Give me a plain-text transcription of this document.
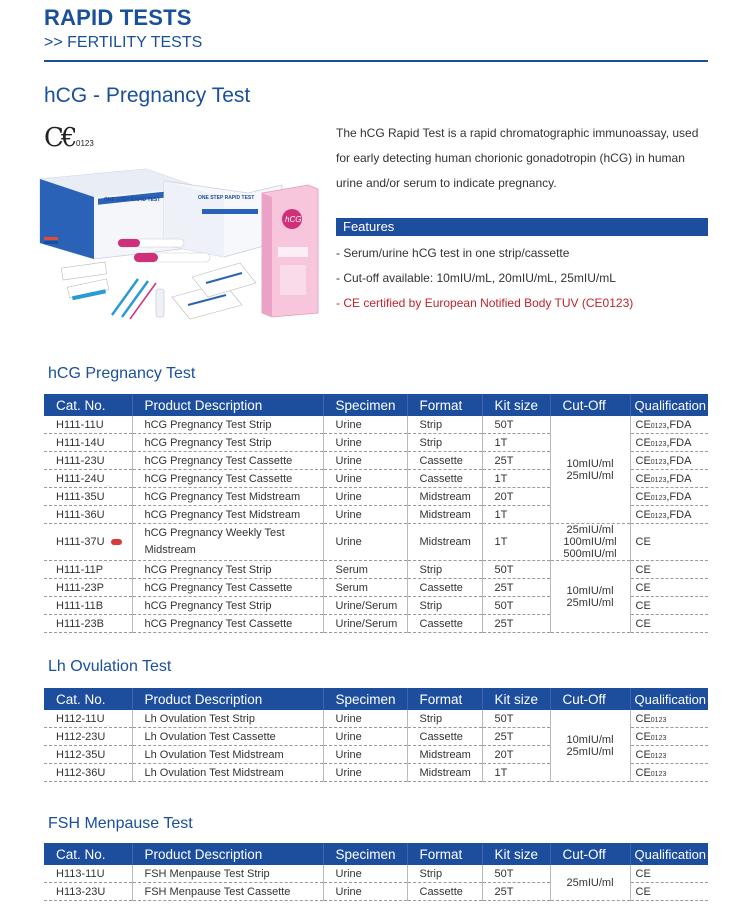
RAPID TESTS
>> FERTILITY TESTS
hCG - Pregnancy Test
C€ 0123
ONE STEP RAPID TEST	ONE STEP RAPID TEST
hCG
The hCG Rapid Test is a rapid chromatographic immunoassay, used for early detecting human chorionic gonadotropin (hCG) in human urine and/or serum to indicate pregnancy.
Features
- Serum/urine hCG test in one strip/cassette
- Cut-off available: 10mIU/mL, 20mIU/mL, 25mIU/mL
- CE certified by European Notified Body TUV (CE0123)
hCG Pregnancy Test
Cat. No.	Product Description	Specimen	Format	Kit size	Cut-Off	Qualification
H111-11U	hCG Pregnancy Test Strip	Urine	Strip	50T	10mIU/ml 25mIU/ml	CE0123,FDA
H111-14U	hCG Pregnancy Test Strip	Urine	Strip	1T		CE0123,FDA
H111-23U	hCG Pregnancy Test Cassette	Urine	Cassette	25T		CE0123,FDA
H111-24U	hCG Pregnancy Test Cassette	Urine	Cassette	1T		CE0123,FDA
H111-35U	hCG Pregnancy Test Midstream	Urine	Midstream	20T		CE0123,FDA
H111-36U	hCG Pregnancy Test Midstream	Urine	Midstream	1T		CE0123,FDA
H111-37U	hCG Pregnancy Weekly Test Midstream	Urine	Midstream	1T	25mIU/ml 100mIU/ml 500mIU/ml	CE
H111-11P	hCG Pregnancy Test Strip	Serum	Strip	50T	10mIU/ml 25mIU/ml	CE
H111-23P	hCG Pregnancy Test Cassette	Serum	Cassette	25T		CE
H111-11B	hCG Pregnancy Test Strip	Urine/Serum	Strip	50T		CE
H111-23B	hCG Pregnancy Test Cassette	Urine/Serum	Cassette	25T		CE
Lh Ovulation Test
Cat. No.	Product Description	Specimen	Format	Kit size	Cut-Off	Qualification
H112-11U	Lh Ovulation Test Strip	Urine	Strip	50T	10mIU/ml 25mIU/ml	CE0123
H112-23U	Lh Ovulation Test Cassette	Urine	Cassette	25T		CE0123
H112-35U	Lh Ovulation Test Midstream	Urine	Midstream	20T		CE0123
H112-36U	Lh Ovulation Test Midstream	Urine	Midstream	1T		CE0123
FSH Menpause Test
Cat. No.	Product Description	Specimen	Format	Kit size	Cut-Off	Qualification
H113-11U	FSH Menpause Test Strip	Urine	Strip	50T	25mIU/ml	CE
H113-23U	FSH Menpause Test Cassette	Urine	Cassette	25T		CE
